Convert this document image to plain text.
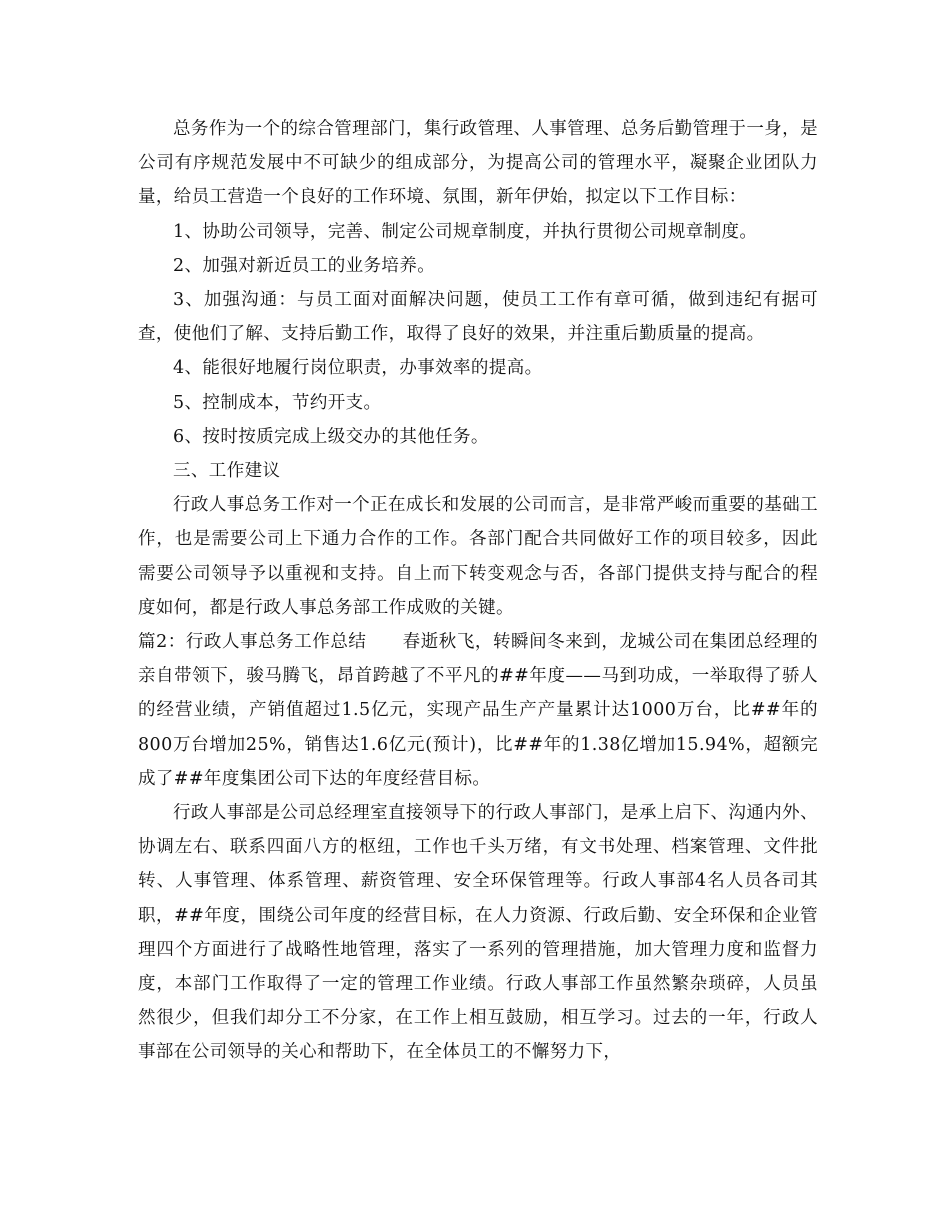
总务作为一个的综合管理部门，集行政管理、人事管理、总务后勤管理于一身，是公司有序规范发展中不可缺少的组成部分，为提高公司的管理水平，凝聚企业团队力量，给员工营造一个良好的工作环境、氛围，新年伊始，拟定以下工作目标：

1、协助公司领导，完善、制定公司规章制度，并执行贯彻公司规章制度。

2、加强对新近员工的业务培养。

3、加强沟通：与员工面对面解决问题，使员工工作有章可循，做到违纪有据可查，使他们了解、支持后勤工作，取得了良好的效果，并注重后勤质量的提高。

4、能很好地履行岗位职责，办事效率的提高。

5、控制成本，节约开支。

6、按时按质完成上级交办的其他任务。

三、工作建议

行政人事总务工作对一个正在成长和发展的公司而言，是非常严峻而重要的基础工作，也是需要公司上下通力合作的工作。各部门配合共同做好工作的项目较多，因此需要公司领导予以重视和支持。自上而下转变观念与否，各部门提供支持与配合的程度如何，都是行政人事总务部工作成败的关键。

篇2：行政人事总务工作总结　　春逝秋飞，转瞬间冬来到，龙城公司在集团总经理的亲自带领下，骏马腾飞，昂首跨越了不平凡的##年度——马到功成，一举取得了骄人的经营业绩，产销值超过1.5亿元，实现产品生产产量累计达1000万台，比##年的800万台增加25%，销售达1.6亿元(预计)，比##年的1.38亿增加15.94%，超额完成了##年度集团公司下达的年度经营目标。

行政人事部是公司总经理室直接领导下的行政人事部门，是承上启下、沟通内外、协调左右、联系四面八方的枢纽，工作也千头万绪，有文书处理、档案管理、文件批转、人事管理、体系管理、薪资管理、安全环保管理等。行政人事部4名人员各司其职，##年度，围绕公司年度的经营目标，在人力资源、行政后勤、安全环保和企业管理四个方面进行了战略性地管理，落实了一系列的管理措施，加大管理力度和监督力度，本部门工作取得了一定的管理工作业绩。行政人事部工作虽然繁杂琐碎，人员虽然很少，但我们却分工不分家，在工作上相互鼓励，相互学习。过去的一年，行政人事部在公司领导的关心和帮助下，在全体员工的不懈努力下，
